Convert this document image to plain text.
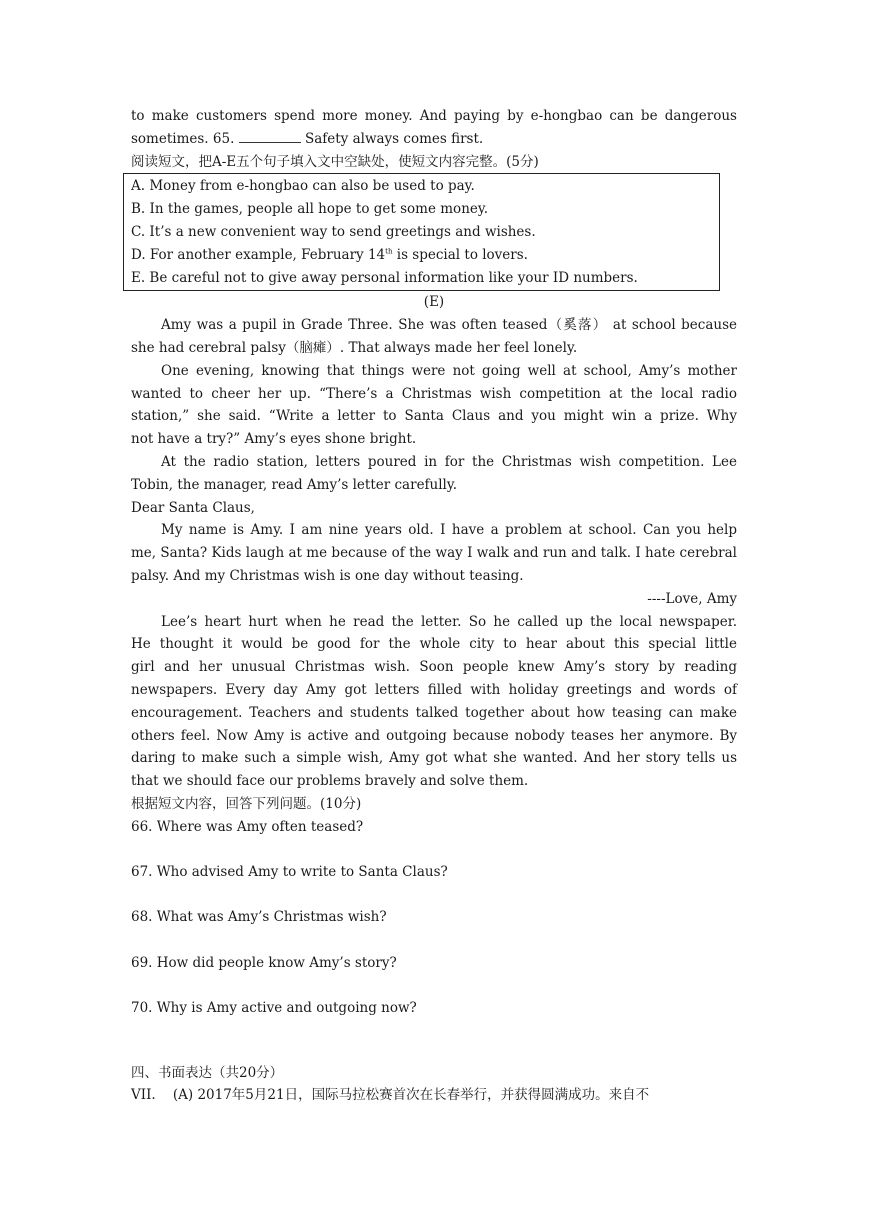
to make customers spend more money. And paying by e-hongbao can be dangerous
sometimes. 65.	Safety always comes first.
阅读短文，把A-E五个句子填入文中空缺处，使短文内容完整。(5分)
A. Money from e-hongbao can also be used to pay.
B. In the games, people all hope to get some money.
C. It’s a new convenient way to send greetings and wishes.
D. For another example, February 14th is special to lovers.
E. Be careful not to give away personal information like your ID numbers.
(E)
Amy was a pupil in Grade Three. She was often teased（奚落） at school because
she had cerebral palsy（脑瘫）. That always made her feel lonely.
One evening, knowing that things were not going well at school, Amy’s mother
wanted to cheer her up. “There’s a Christmas wish competition at the local radio
station,” she said. “Write a letter to Santa Claus and you might win a prize. Why
not have a try?” Amy’s eyes shone bright.
At the radio station, letters poured in for the Christmas wish competition. Lee
Tobin, the manager, read Amy’s letter carefully.
Dear Santa Claus,
My name is Amy. I am nine years old. I have a problem at school. Can you help
me, Santa? Kids laugh at me because of the way I walk and run and talk. I hate cerebral
palsy. And my Christmas wish is one day without teasing.
----Love, Amy
Lee’s heart hurt when he read the letter. So he called up the local newspaper.
He thought it would be good for the whole city to hear about this special little
girl and her unusual Christmas wish. Soon people knew Amy’s story by reading
newspapers. Every day Amy got letters filled with holiday greetings and words of
encouragement. Teachers and students talked together about how teasing can make
others feel. Now Amy is active and outgoing because nobody teases her anymore. By
daring to make such a simple wish, Amy got what she wanted. And her story tells us
that we should face our problems bravely and solve them.
根据短文内容，回答下列问题。(10分)
66. Where was Amy often teased?
67. Who advised Amy to write to Santa Claus?
68. What was Amy’s Christmas wish?
69. How did people know Amy’s story?
70. Why is Amy active and outgoing now?
四、书面表达（共20分）
VII.    (A) 2017年5月21日，国际马拉松赛首次在长春举行，并获得圆满成功。来自不
